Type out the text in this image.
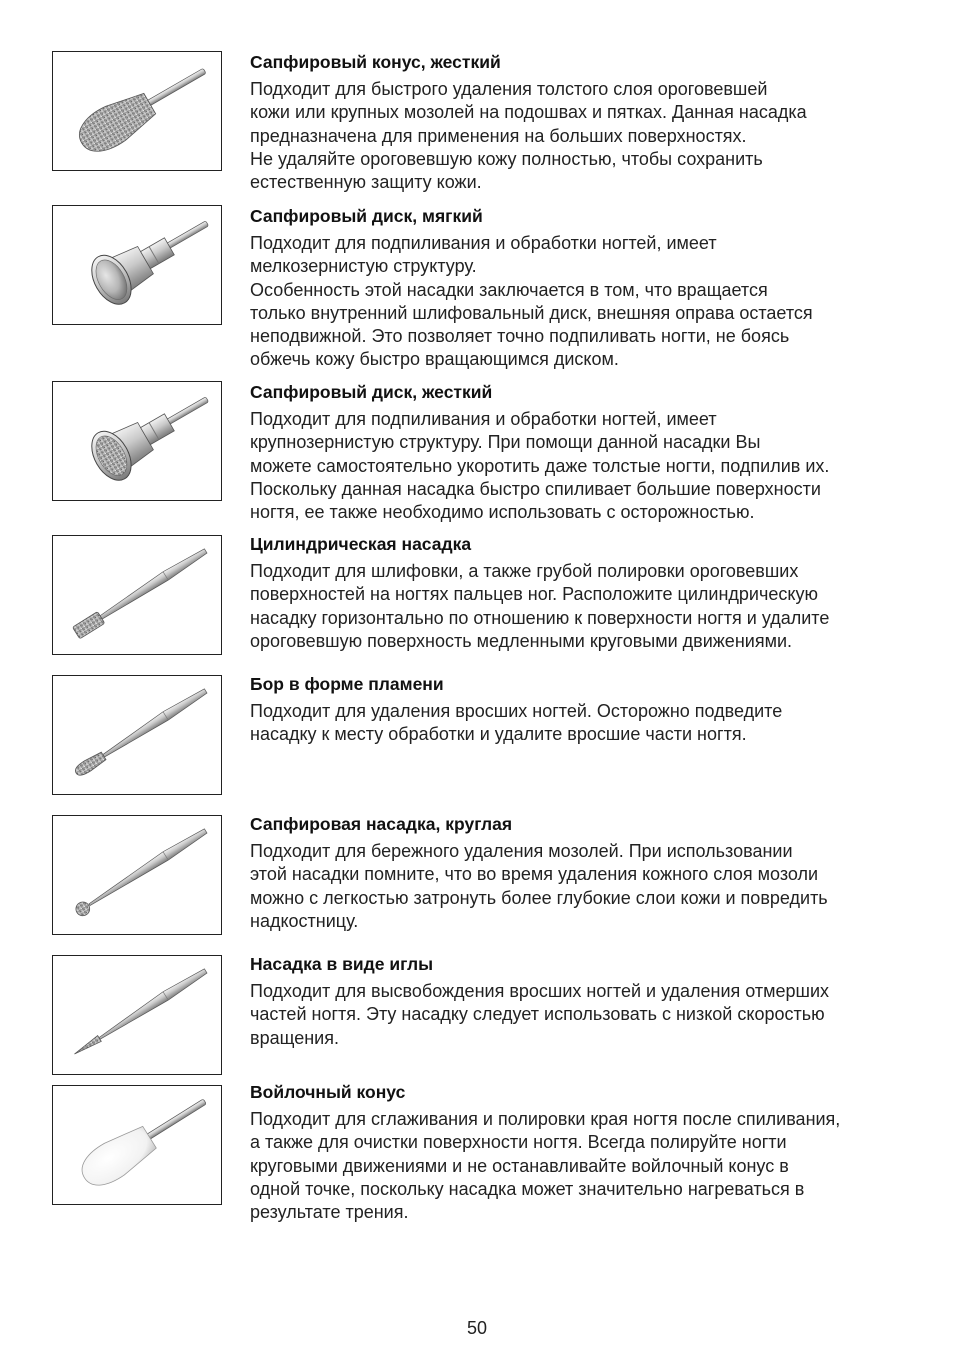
Сапфировый конус, жесткий

Подходит для быстрого удаления толстого слоя ороговевшей
кожи или крупных мозолей на подошвах и пятках. Данная насадка
предназначена для применения на больших поверхностях.
Не удаляйте ороговевшую кожу полностью, чтобы сохранить
естественную защиту кожи.

Сапфировый диск, мягкий

Подходит для подпиливания и обработки ногтей, имеет
мелкозернистую структуру.
Особенность этой насадки заключается в том, что вращается
только внутренний шлифовальный диск, внешняя оправа остается
неподвижной. Это позволяет точно подпиливать ногти, не боясь
обжечь кожу быстро вращающимся диском.

Сапфировый диск, жесткий

Подходит для подпиливания и обработки ногтей, имеет
крупнозернистую структуру. При помощи данной насадки Вы
можете самостоятельно укоротить даже толстые ногти, подпилив их.
Поскольку данная насадка быстро спиливает большие поверхности
ногтя, ее также необходимо использовать с осторожностью.

Цилиндрическая насадка

Подходит для шлифовки, а также грубой полировки ороговевших
поверхностей на ногтях пальцев ног. Расположите цилиндрическую
насадку горизонтально по отношению к поверхности ногтя и удалите
ороговевшую поверхность медленными круговыми движениями.

Бор в форме пламени

Подходит для удаления вросших ногтей. Осторожно подведите
насадку к месту обработки и удалите вросшие части ногтя.

Сапфировая насадка, круглая

Подходит для бережного удаления мозолей. При использовании
этой насадки помните, что во время удаления кожного слоя мозоли
можно с легкостью затронуть более глубокие слои кожи и повредить
надкостницу.

Насадка в виде иглы

Подходит для высвобождения вросших ногтей и удаления отмерших
частей ногтя. Эту насадку следует использовать с низкой скоростью
вращения.

Войлочный конус

Подходит для сглаживания и полировки края ногтя после спиливания,
а также для очистки поверхности ногтя. Всегда полируйте ногти
круговыми движениями и не останавливайте войлочный конус в
одной точке, поскольку насадка может значительно нагреваться в
результате трения.

50
